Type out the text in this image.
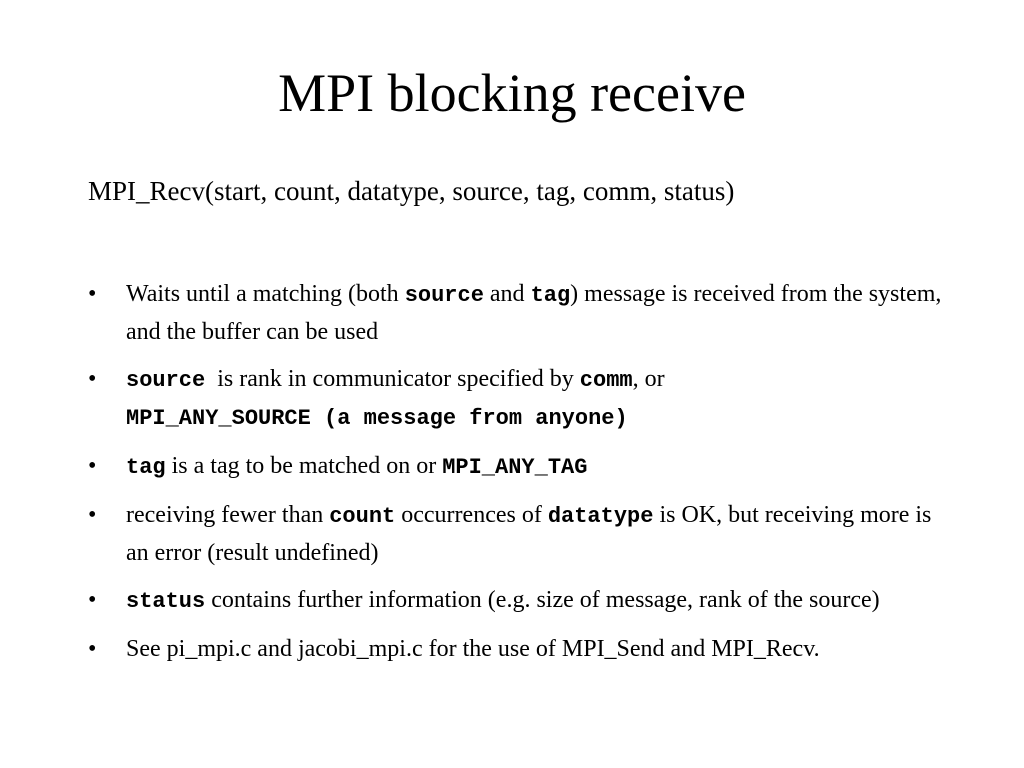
MPI blocking receive
MPI_Recv(start, count, datatype, source, tag, comm, status)
•	Waits until a matching (both source and tag) message is received from the system, and the buffer can be used
•	source  is rank in communicator specified by comm, or
MPI_ANY_SOURCE (a message from anyone)
•	tag is a tag to be matched on or MPI_ANY_TAG
•	receiving fewer than count occurrences of datatype is OK, but receiving more is an error (result undefined)
•	status contains further information (e.g. size of message, rank of the source)
•	See pi_mpi.c and jacobi_mpi.c for the use of MPI_Send and MPI_Recv.
